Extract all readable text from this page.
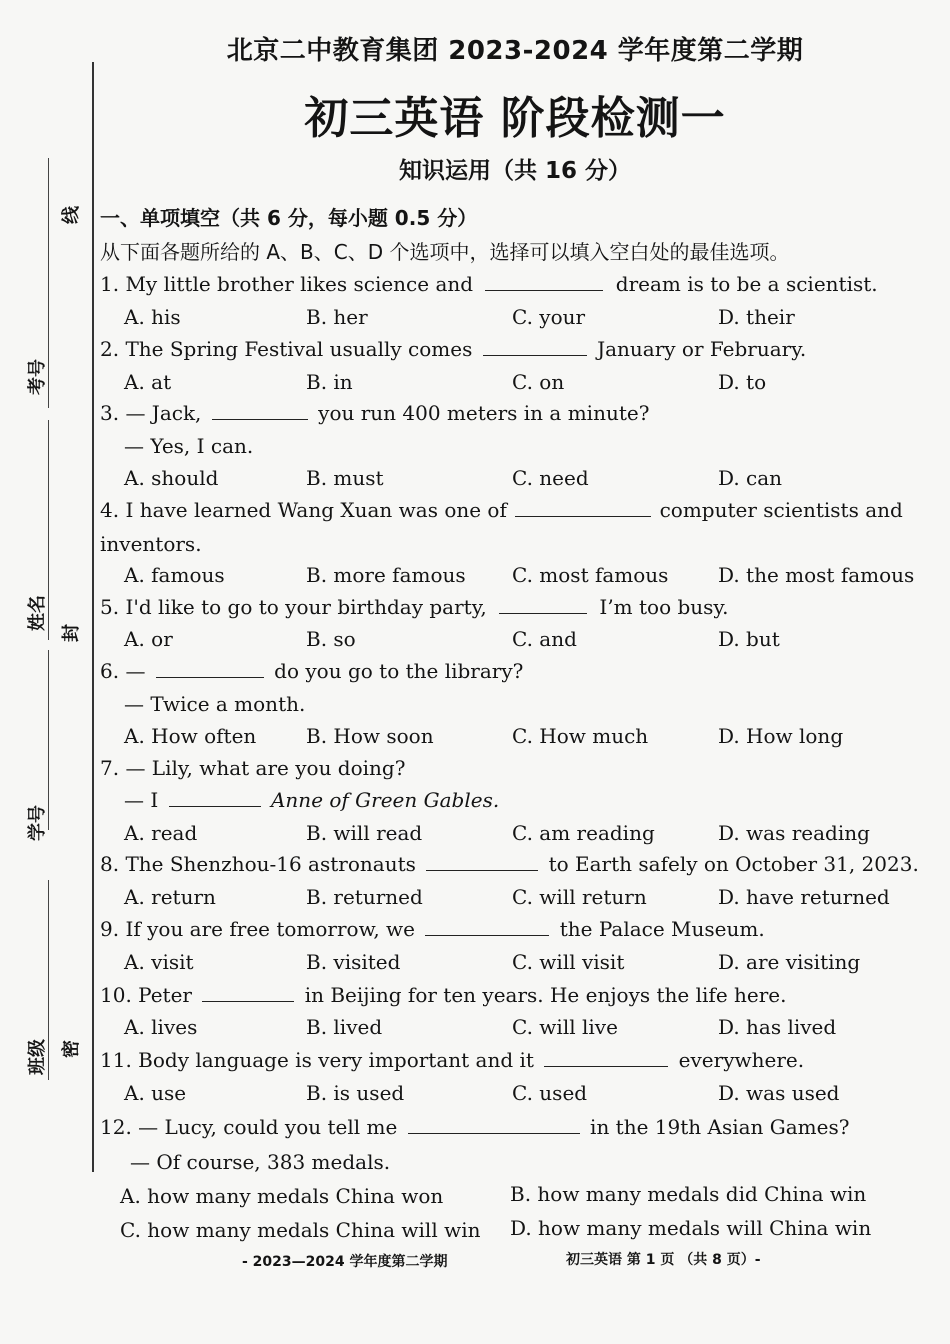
北京二中教育集团 2023-2024 学年度第二学期
初三英语 阶段检测一
知识运用（共 16 分）
线
封
密
考号
姓名
学号
班级
一、单项填空（共 6 分，每小题 0.5 分）
从下面各题所给的 A、B、C、D 个选项中，选择可以填入空白处的最佳选项。
1. My little brother likes science and	dream is to be a scientist.
A. his	B. her	C. your	D. their
2. The Spring Festival usually comes	January or February.
A. at	B. in	C. on	D. to
3. — Jack,	you run 400 meters in a minute?
— Yes, I can.
A. should	B. must	C. need	D. can
4. I have learned Wang Xuan was one of	computer scientists and
inventors.
A. famous	B. more famous C. most famous D. the most famous
5. I'd like to go to your birthday party,	I’m too busy.
A. or	B. so	C. and	D. but
6. —	do you go to the library?
— Twice a month.
A. How often B. How soon	C. How much	D. How long
7. — Lily, what are you doing?
— I	Anne of Green Gables.
A. read	B. will read	C. am reading	D. was reading
8. The Shenzhou-16 astronauts	to Earth safely on October 31, 2023.
A. return	B. returned	C. will return	D. have returned
9. If you are free tomorrow, we	the Palace Museum.
A. visit	B. visited	C. will visit	D. are visiting
10. Peter	in Beijing for ten years. He enjoys the life here.
A. lives	B. lived	C. will live	D. has lived
11. Body language is very important and it	everywhere.
A. use	B. is used	C. used	D. was used
12. — Lucy, could you tell me	in the 19th Asian Games?
— Of course, 383 medals.
A. how many medals China won	B. how many medals did China win
C. how many medals China will win D. how many medals will China win
- 2023—2024 学年度第二学期	初三英语 第 1 页 （共 8 页）-
